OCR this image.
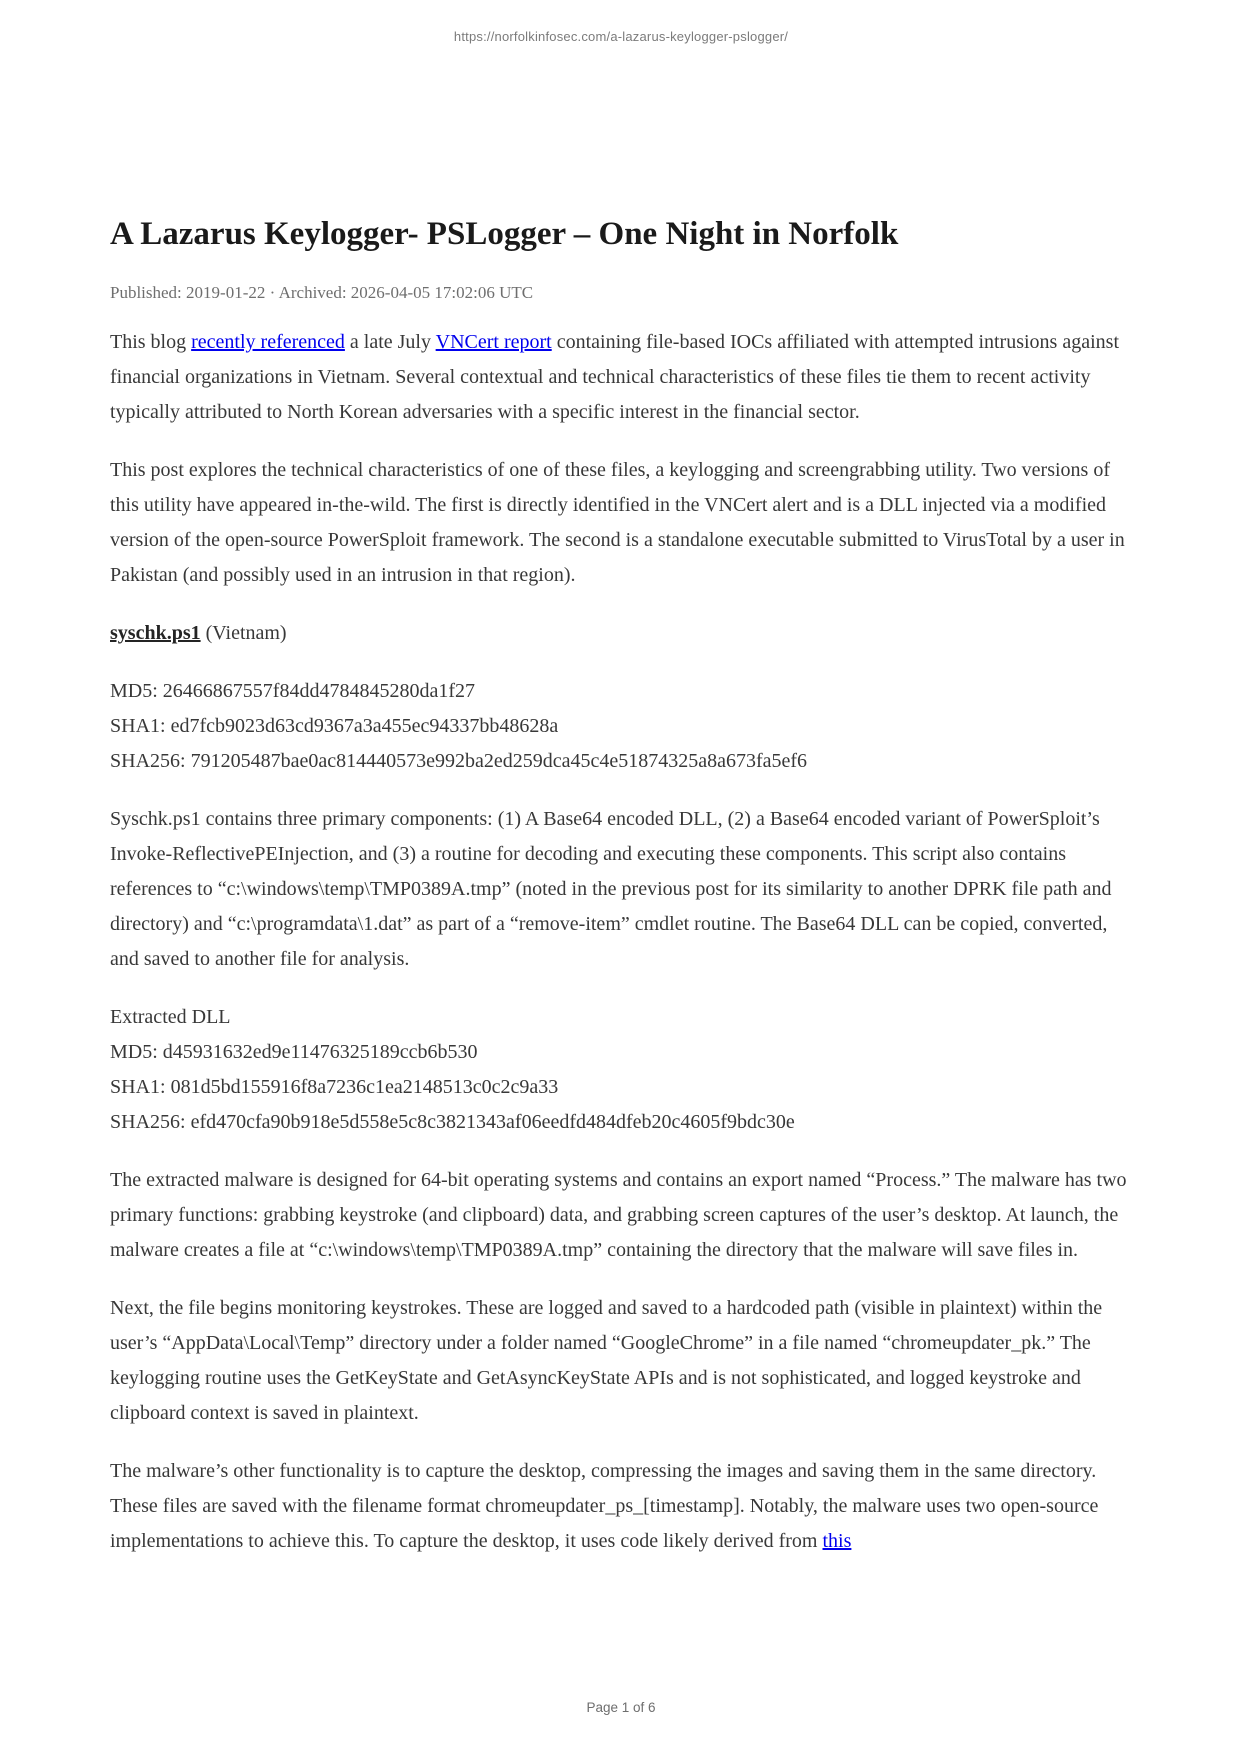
https://norfolkinfosec.com/a-lazarus-keylogger-pslogger/
A Lazarus Keylogger- PSLogger – One Night in Norfolk
Published: 2019-01-22 · Archived: 2026-04-05 17:02:06 UTC

This blog recently referenced a late July VNCert report containing file-based IOCs affiliated with attempted intrusions against financial organizations in Vietnam. Several contextual and technical characteristics of these files tie them to recent activity typically attributed to North Korean adversaries with a specific interest in the financial sector.

This post explores the technical characteristics of one of these files, a keylogging and screengrabbing utility. Two versions of this utility have appeared in-the-wild. The first is directly identified in the VNCert alert and is a DLL injected via a modified version of the open-source PowerSploit framework. The second is a standalone executable submitted to VirusTotal by a user in Pakistan (and possibly used in an intrusion in that region).

syschk.ps1 (Vietnam)

MD5: 26466867557f84dd4784845280da1f27
SHA1: ed7fcb9023d63cd9367a3a455ec94337bb48628a
SHA256: 791205487bae0ac814440573e992ba2ed259dca45c4e51874325a8a673fa5ef6

Syschk.ps1 contains three primary components: (1) A Base64 encoded DLL, (2) a Base64 encoded variant of PowerSploit’s Invoke-ReflectivePEInjection, and (3) a routine for decoding and executing these components. This script also contains references to “c:\windows\temp\TMP0389A.tmp” (noted in the previous post for its similarity to another DPRK file path and directory) and “c:\programdata\1.dat” as part of a “remove-item” cmdlet routine. The Base64 DLL can be copied, converted, and saved to another file for analysis.

Extracted DLL
MD5: d45931632ed9e11476325189ccb6b530
SHA1: 081d5bd155916f8a7236c1ea2148513c0c2c9a33
SHA256: efd470cfa90b918e5d558e5c8c3821343af06eedfd484dfeb20c4605f9bdc30e

The extracted malware is designed for 64-bit operating systems and contains an export named “Process.” The malware has two primary functions: grabbing keystroke (and clipboard) data, and grabbing screen captures of the user’s desktop. At launch, the malware creates a file at “c:\windows\temp\TMP0389A.tmp” containing the directory that the malware will save files in.

Next, the file begins monitoring keystrokes. These are logged and saved to a hardcoded path (visible in plaintext) within the user’s “AppData\Local\Temp” directory under a folder named “GoogleChrome” in a file named “chromeupdater_pk.” The keylogging routine uses the GetKeyState and GetAsyncKeyState APIs and is not sophisticated, and logged keystroke and clipboard context is saved in plaintext.

The malware’s other functionality is to capture the desktop, compressing the images and saving them in the same directory. These files are saved with the filename format chromeupdater_ps_[timestamp]. Notably, the malware uses two open-source implementations to achieve this. To capture the desktop, it uses code likely derived from this

Page 1 of 6
